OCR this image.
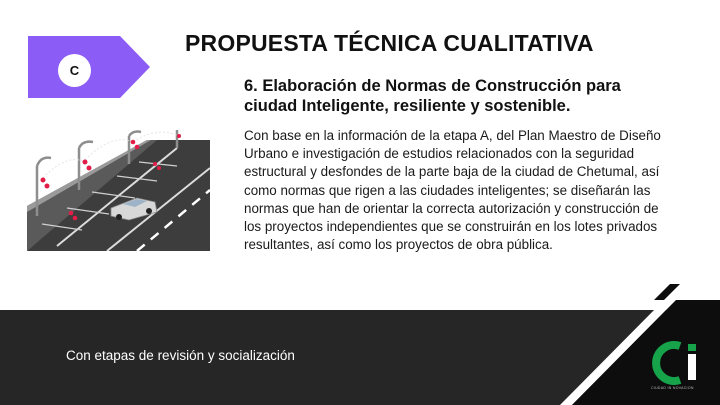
C
PROPUESTA TÉCNICA CUALITATIVA
6. Elaboración de Normas de Construcción para
ciudad Inteligente, resiliente y sostenible.
Con base en la información de la etapa A, del Plan Maestro de Diseño Urbano e investigación de estudios relacionados con la seguridad estructural y desfondes de la parte baja de la ciudad de Chetumal, así como normas que rigen a las ciudades inteligentes; se diseñarán las normas que han de orientar la correcta autorización y construcción de los proyectos independientes que se construirán en los lotes privados resultantes, así como los proyectos de obra pública.
Con etapas de revisión y socialización
CIUDAD IN NOVACION
